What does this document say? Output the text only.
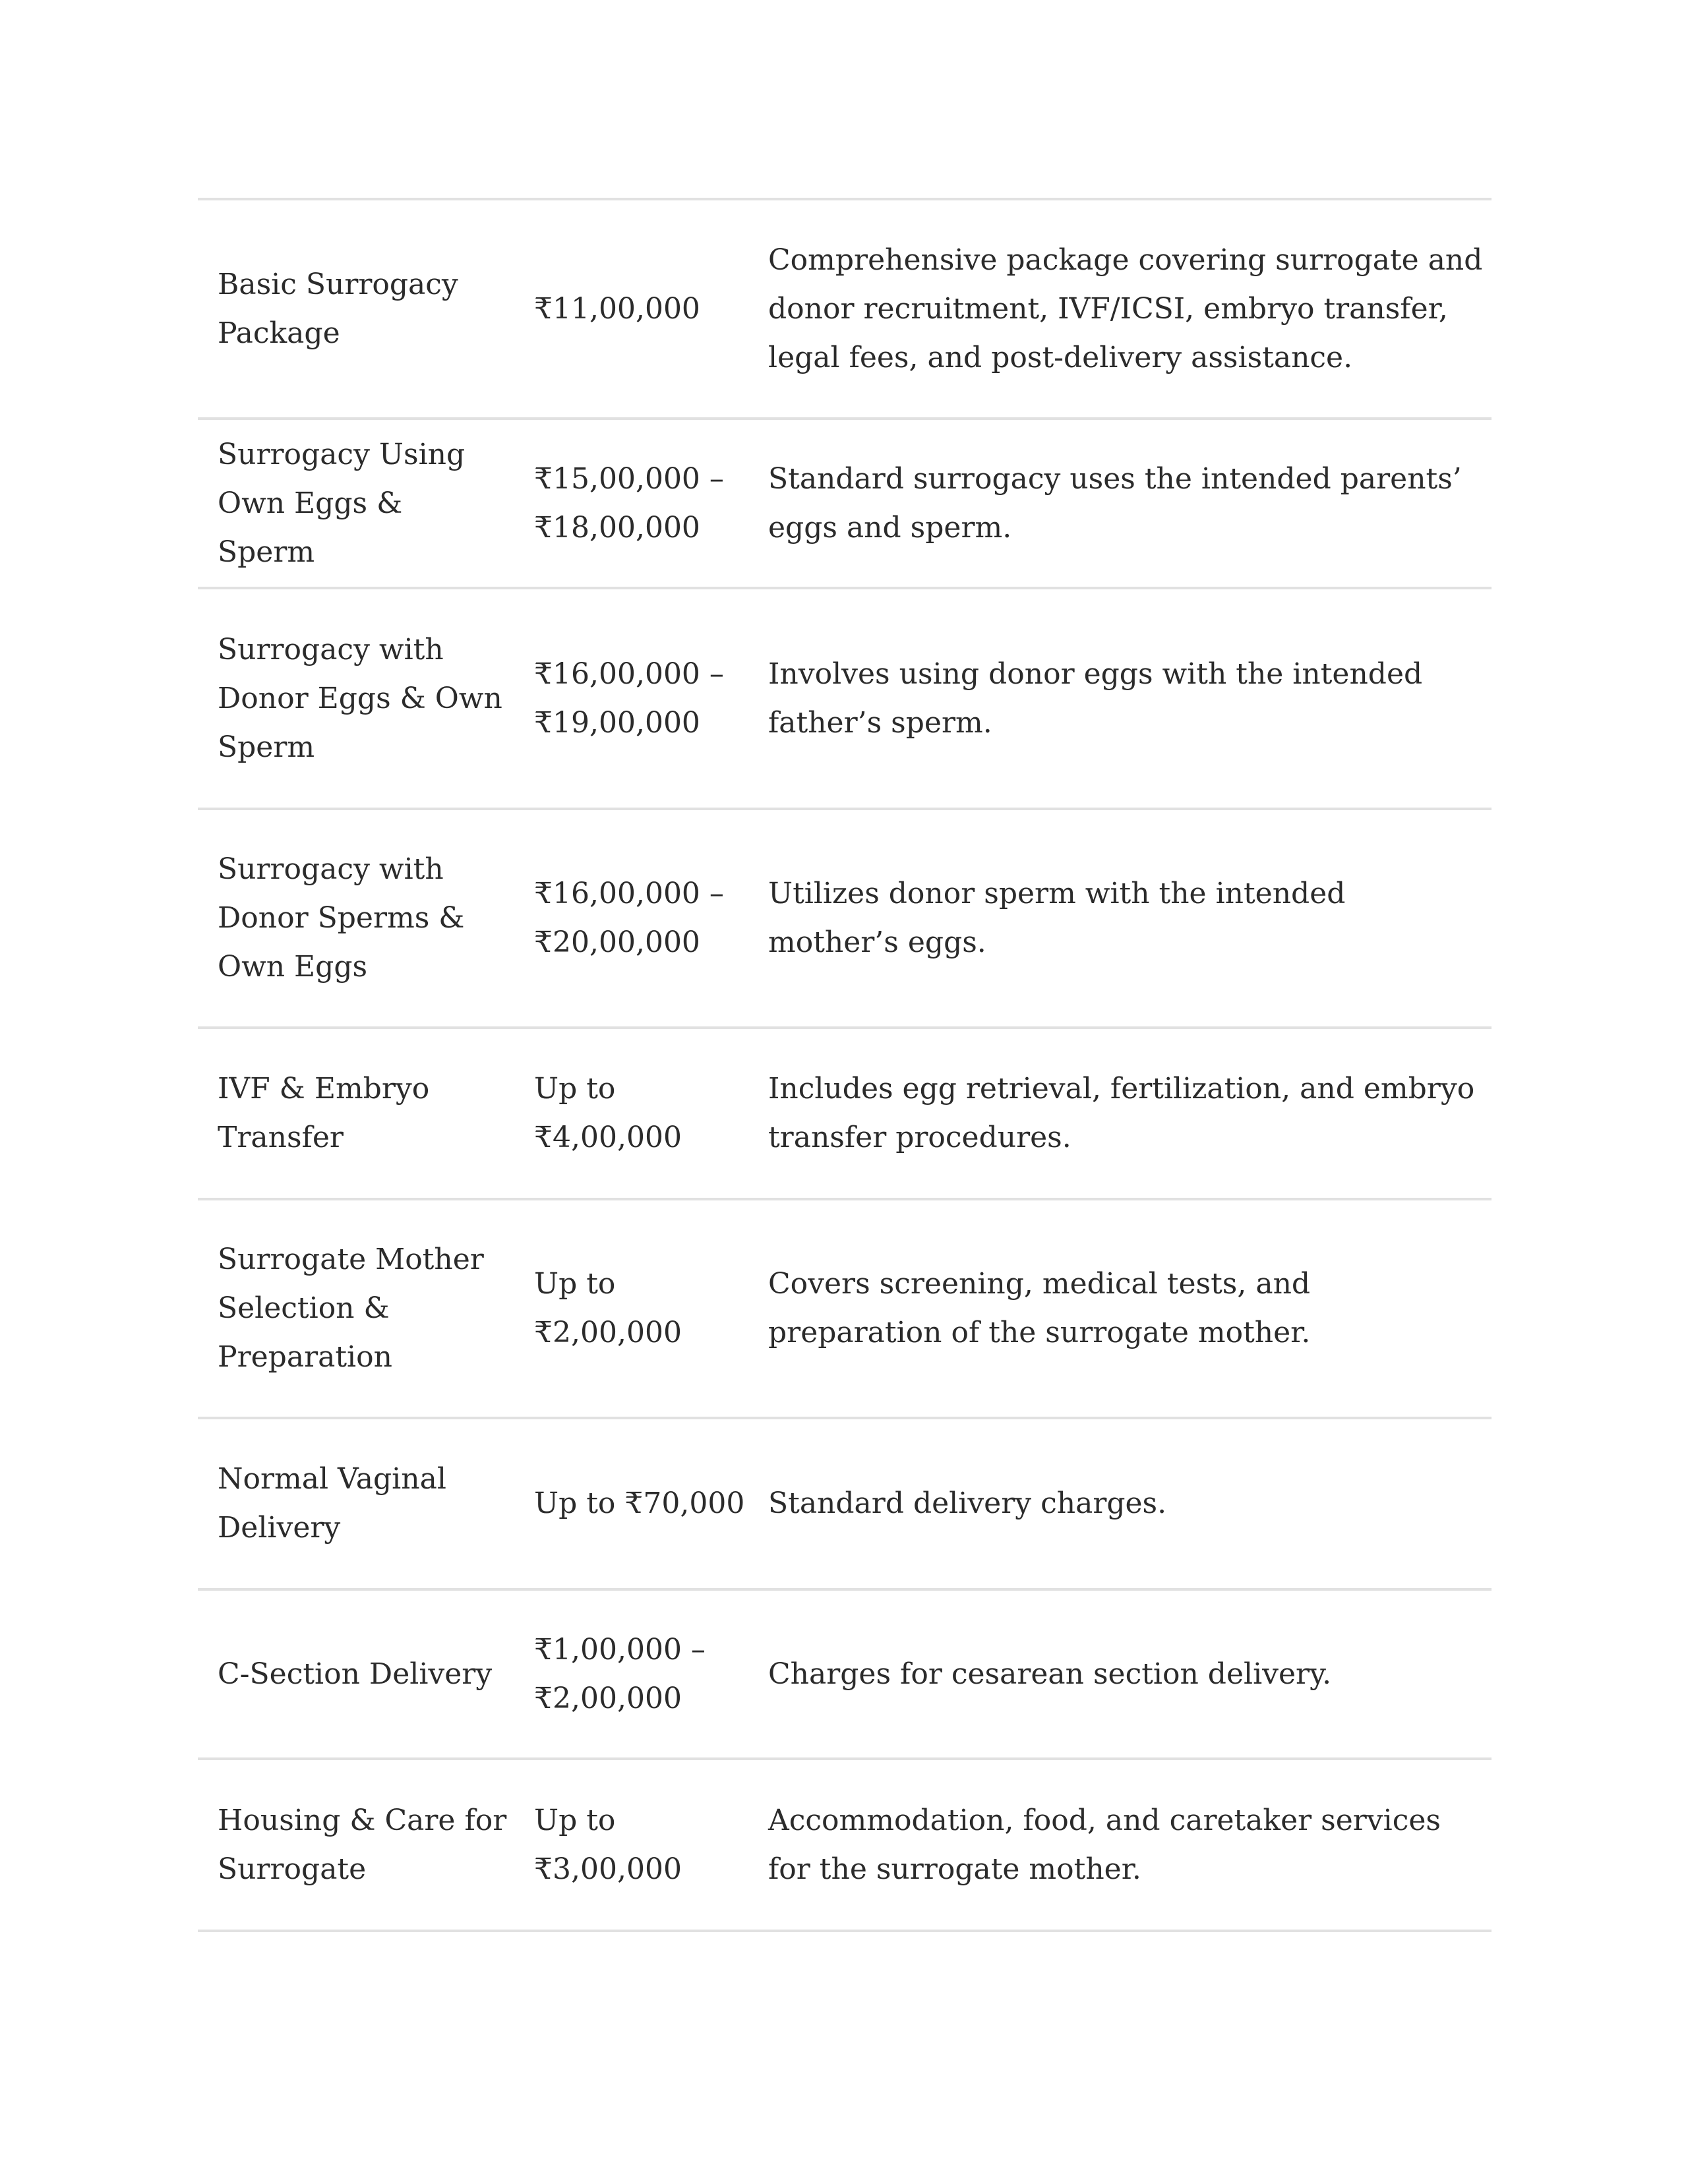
Basic Surrogacy Package
₹11,00,000
Comprehensive package covering surrogate and donor recruitment, IVF/ICSI, embryo transfer, legal fees, and post-delivery assistance.
Surrogacy Using Own Eggs & Sperm
₹15,00,000 – ₹18,00,000
Standard surrogacy uses the intended parents’ eggs and sperm.
Surrogacy with Donor Eggs & Own Sperm
₹16,00,000 – ₹19,00,000
Involves using donor eggs with the intended father’s sperm.
Surrogacy with Donor Sperms & Own Eggs
₹16,00,000 – ₹20,00,000
Utilizes donor sperm with the intended mother’s eggs.
IVF & Embryo Transfer
Up to ₹4,00,000
Includes egg retrieval, fertilization, and embryo transfer procedures.
Surrogate Mother Selection & Preparation
Up to ₹2,00,000
Covers screening, medical tests, and preparation of the surrogate mother.
Normal Vaginal Delivery
Up to ₹70,000 Standard delivery charges.
C-Section Delivery
₹1,00,000 – ₹2,00,000
Charges for cesarean section delivery.
Housing & Care for Surrogate
Up to ₹3,00,000
Accommodation, food, and caretaker services for the surrogate mother.
